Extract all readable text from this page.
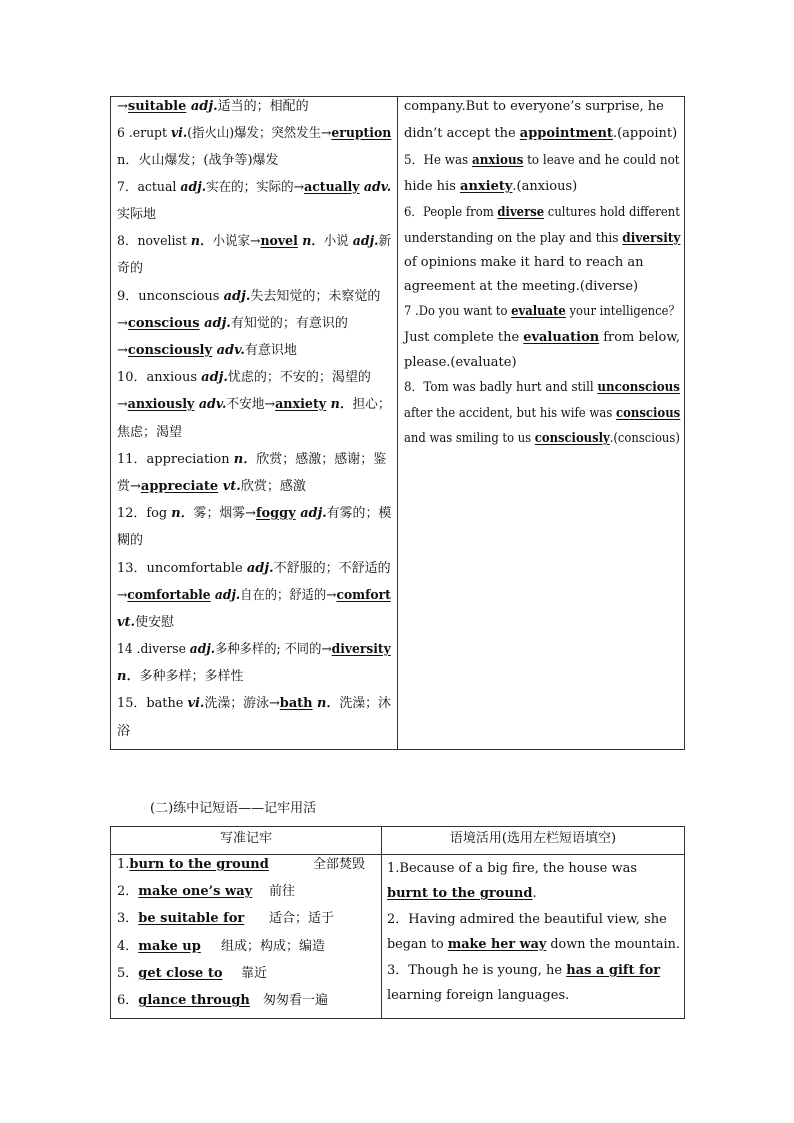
→suitable adj.适当的；相配的
6 .erupt vi.(指火山)爆发；突然发生→eruption
n．火山爆发；(战争等)爆发
7．actual adj.实在的；实际的→actually adv.
实际地
8．novelist n．小说家→novel n．小说 adj.新
奇的
9．unconscious adj.失去知觉的；未察觉的
→conscious adj.有知觉的；有意识的
→consciously adv.有意识地
10．anxious adj.忧虑的；不安的；渴望的
→anxiously adv.不安地→anxiety n．担心；
焦虑；渴望
11．appreciation n．欣赏；感激；感谢；鉴
赏→appreciate vt.欣赏；感激
12．fog n．雾；烟雾→foggy adj.有雾的；模
糊的
13．uncomfortable adj.不舒服的；不舒适的
→comfortable adj.自在的；舒适的→comfort
vt.使安慰
14 .diverse adj.多种多样的; 不同的→diversity
n．多种多样；多样性
15．bathe vi.洗澡；游泳→bath n．洗澡；沐
浴
company.But to everyone’s surprise, he
didn’t accept the appointment.(appoint)
5．He was anxious to leave and he could not
hide his anxiety.(anxious)
6．People from diverse cultures hold different
understanding on the play and this diversity
of opinions make it hard to reach an
agreement at the meeting.(diverse)
7 .Do you want to evaluate your intelligence？
Just complete the evaluation from below,
please.(evaluate)
8．Tom was badly hurt and still unconscious
after the accident, but his wife was conscious
and was smiling to us consciously.(conscious)
(二)练中记短语——记牢用活
写准记牢	语境活用(选用左栏短语填空)
1.burn to the ground	全部焚毁
2．make one’s way 前往
3．be suitable for 适合；适于
4．make up 组成；构成；编造
5．get close to 靠近
6．glance through 匆匆看一遍
1.Because of a big fire, the house was
burnt to the ground.
2．Having admired the beautiful view, she
began to make her way down the mountain.
3．Though he is young, he has a gift for
learning foreign languages.
